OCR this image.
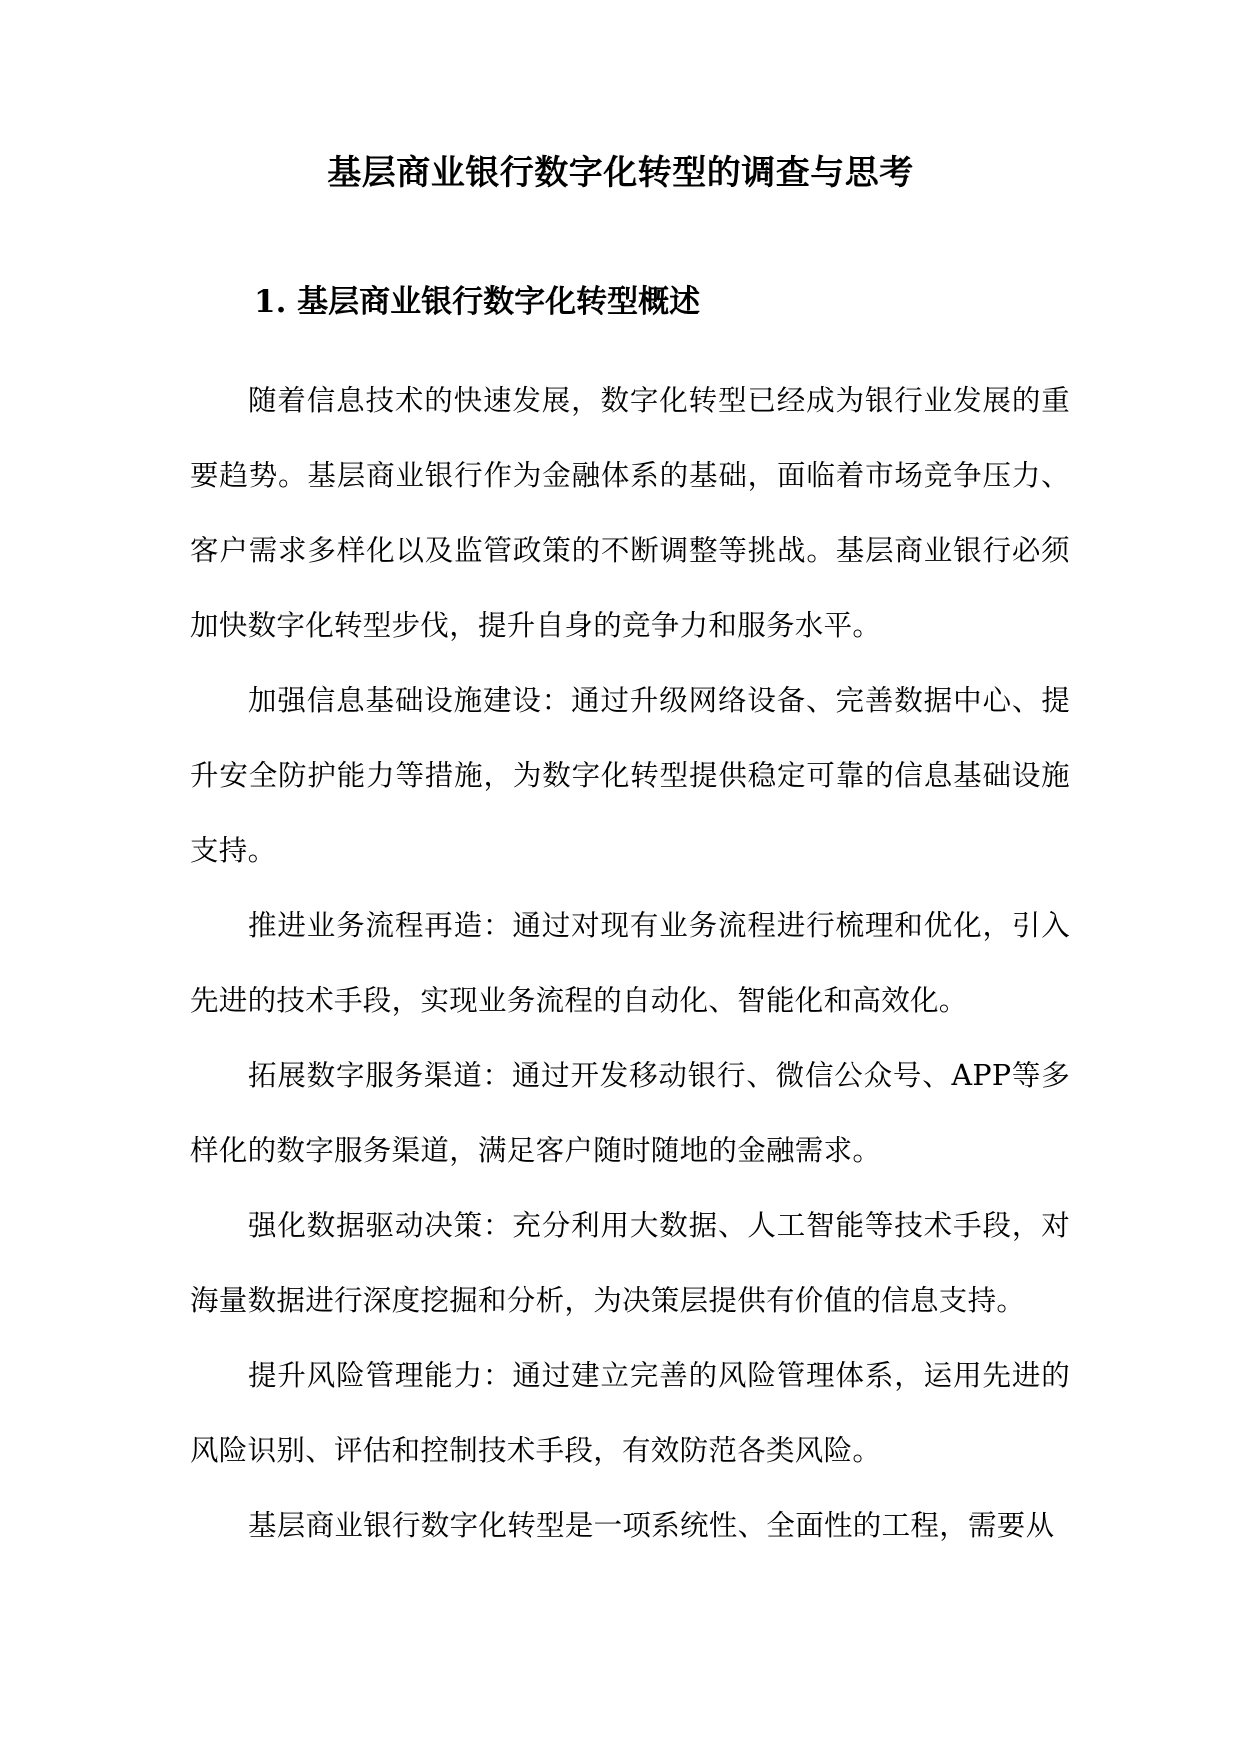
基层商业银行数字化转型的调查与思考
1. 基层商业银行数字化转型概述

随着信息技术的快速发展，数字化转型已经成为银行业发展的重要趋势。基层商业银行作为金融体系的基础，面临着市场竞争压力、客户需求多样化以及监管政策的不断调整等挑战。基层商业银行必须加快数字化转型步伐，提升自身的竞争力和服务水平。

加强信息基础设施建设：通过升级网络设备、完善数据中心、提升安全防护能力等措施，为数字化转型提供稳定可靠的信息基础设施支持。

推进业务流程再造：通过对现有业务流程进行梳理和优化，引入先进的技术手段，实现业务流程的自动化、智能化和高效化。

拓展数字服务渠道：通过开发移动银行、微信公众号、APP等多样化的数字服务渠道，满足客户随时随地的金融需求。

强化数据驱动决策：充分利用大数据、人工智能等技术手段，对海量数据进行深度挖掘和分析，为决策层提供有价值的信息支持。

提升风险管理能力：通过建立完善的风险管理体系，运用先进的风险识别、评估和控制技术手段，有效防范各类风险。

基层商业银行数字化转型是一项系统性、全面性的工程，需要从
